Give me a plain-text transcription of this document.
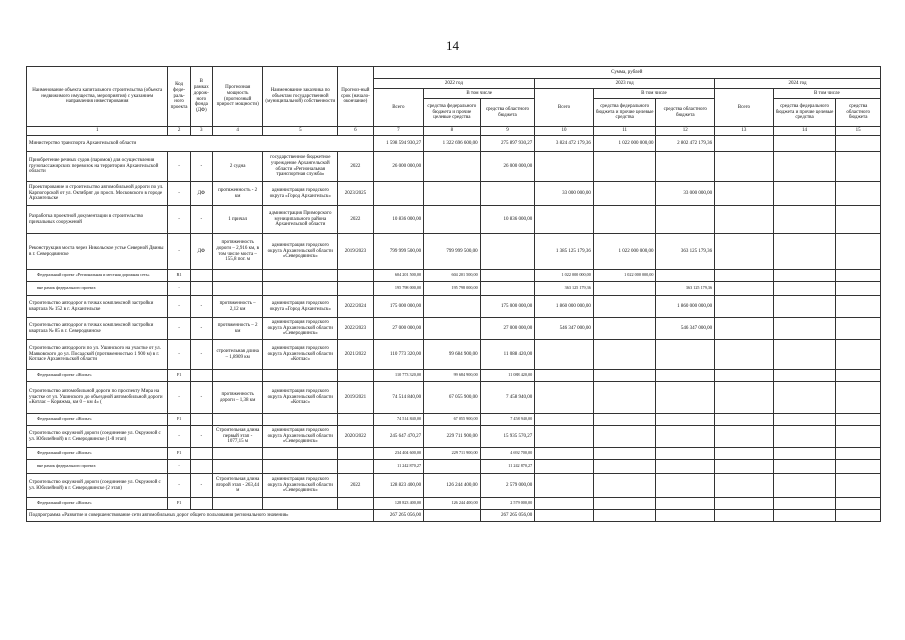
14
Наименование объекта капитального строительства (объекта недвижимого имущества, мероприятия) с указанием направления инвестирования	Код феде-раль-ного проекта	В рамках дорож-ного фонда (ДФ)	Прогнозная мощность (прогнозный прирост мощности)	Наименование заказчика по объектам государственной (муниципальной) собственности	Прогноз-ный срок (начало-окончание)	Сумма, рублей								
						2022 год			2023 год			2024 год		
						Всего	В том числе		Всего	В том числе		Всего	В том числе	
							средства федерального бюджета и прочие целевые средства	средства областного бюджета		средства федерального бюджета и прочие целевые средства	средства областного бюджета		средства федерального бюджета и прочие целевые средства	средства областного бюджета
1	2	3	4	5	6	7	8	9	10	11	12	13	14	15
Министерство транспорта Архангельской области						1 598 594 930,27	1 322 696 600,00	275 897 930,27	3 824 472 179,36	1 022 000 000,00	2 802 472 179,36			
Приобретение речных судов (паромов) для осуществления грузопассажирских перевозок на территории Архангельской области	-	-	2 судна	государственное бюджетное учреждение Архангельской области «Региональная транспортная служба»	2022	26 000 000,00		26 000 000,00						
Проектирование и строительство автомобильной дороги по ул. Карпогорской от ул. Октябрят до просп. Московского в городе Архангельске	-	ДФ	протяженность - 2 км	администрация городского округа «Город Архангельск»	2023/2025				33 000 000,00		33 000 000,00			
Разработка проектной документации в строительство причальных сооружений	-	-	1 причал	администрация Приморского муниципального района Архангельской области	2022	10 836 000,00		10 836 000,00						
Реконструкция моста через Никольское устье Северной Двины в г. Северодвинске	-	ДФ	протяженность дороги – 2,916 км, в том числе моста – 155,8 пог. м	администрация городского округа Архангельской области «Северодвинск»	2019/2023	799 999 500,00	799 999 500,00		1 385 125 179,36	1 022 000 000,00	363 125 179,36			
Федеральный проект «Региональная и местная дорожная сеть»	R1					604 201 500,00	604 201 500,00		1 022 000 000,00	1 022 000 000,00				
вне рамок федерального проекта	-					195 798 000,00	195 798 000,00		363 125 179,36		363 125 179,36			
Строительство автодорог в точках комплексной застройки квартала № 152 в г. Архангельске	-	-	протяженность – 2,12 км	администрация городского округа «Город Архангельск»	2022/2024	175 000 000,00		175 000 000,00	1 860 000 000,00		1 860 000 000,00			
Строительство автодорог в точках комплексной застройки квартала № 85 в г. Северодвинске	-	-	протяженность – 2 км	администрация городского округа Архангельской области «Северодвинск»	2022/2023	27 000 000,00		27 000 000,00	546 347 000,00		546 347 000,00			
Строительство автодороги по ул. Ушинского на участке от ул. Маяковского до ул. Посадской (протяженностью 1 900 м) в г. Котласе Архангельской области	-	-	строительная длина – 1,8909 км	администрация городского округа Архангельской области «Котлас»	2021/2022	110 773 320,00	99 684 900,00	11 088 420,00						
Федеральный проект «Жилье»	F1					110 773 320,00	99 684 900,00	11 088 420,00						
Строительство автомобильной дороги по проспекту Мира на участке от ул. Ушинского до объездной автомобильной дороги «Котлас – Коряжма, км 0 – км 4» (	-	-	протяженность дороги – 1,38 км	администрация городского округа Архангельской области «Котлас»	2019/2021	74 514 840,00	67 055 900,00	7 458 940,00						
Федеральный проект «Жилье»	F1					74 514 840,00	67 055 900,00	7 458 940,00						
Строительство окружной дороги (соединение ул. Окружной с ул. Юбилейной) в г. Северодвинске (1-й этап)	-	-	Строительная длина первый этап - 1077,15 м	администрация городского округа Архангельской области «Северодвинск»	2020/2022	245 647 470,27	229 711 900,00	15 935 570,27						
Федеральный проект «Жилье»	F1					234 404 600,00	229 711 900,00	4 692 700,00						
вне рамок федерального проекта	-					11 242 870,27		11 242 870,27						
Строительство окружной дороги (соединение ул. Окружной с ул. Юбилейной) в г. Северодвинске (2 этап)	-	-	Строительная длина второй этап - 263,44 м	администрация городского округа Архангельской области «Северодвинск»	2022	128 823 400,00	126 244 400,00	2 579 000,00						
Федеральный проект «Жилье»	F1					128 823 400,00	126 244 400,00	2 579 000,00						
Подпрограмма «Развитие и совершенствование сети автомобильных дорог общего пользования регионального значения»						267 265 056,00		267 265 056,00						
